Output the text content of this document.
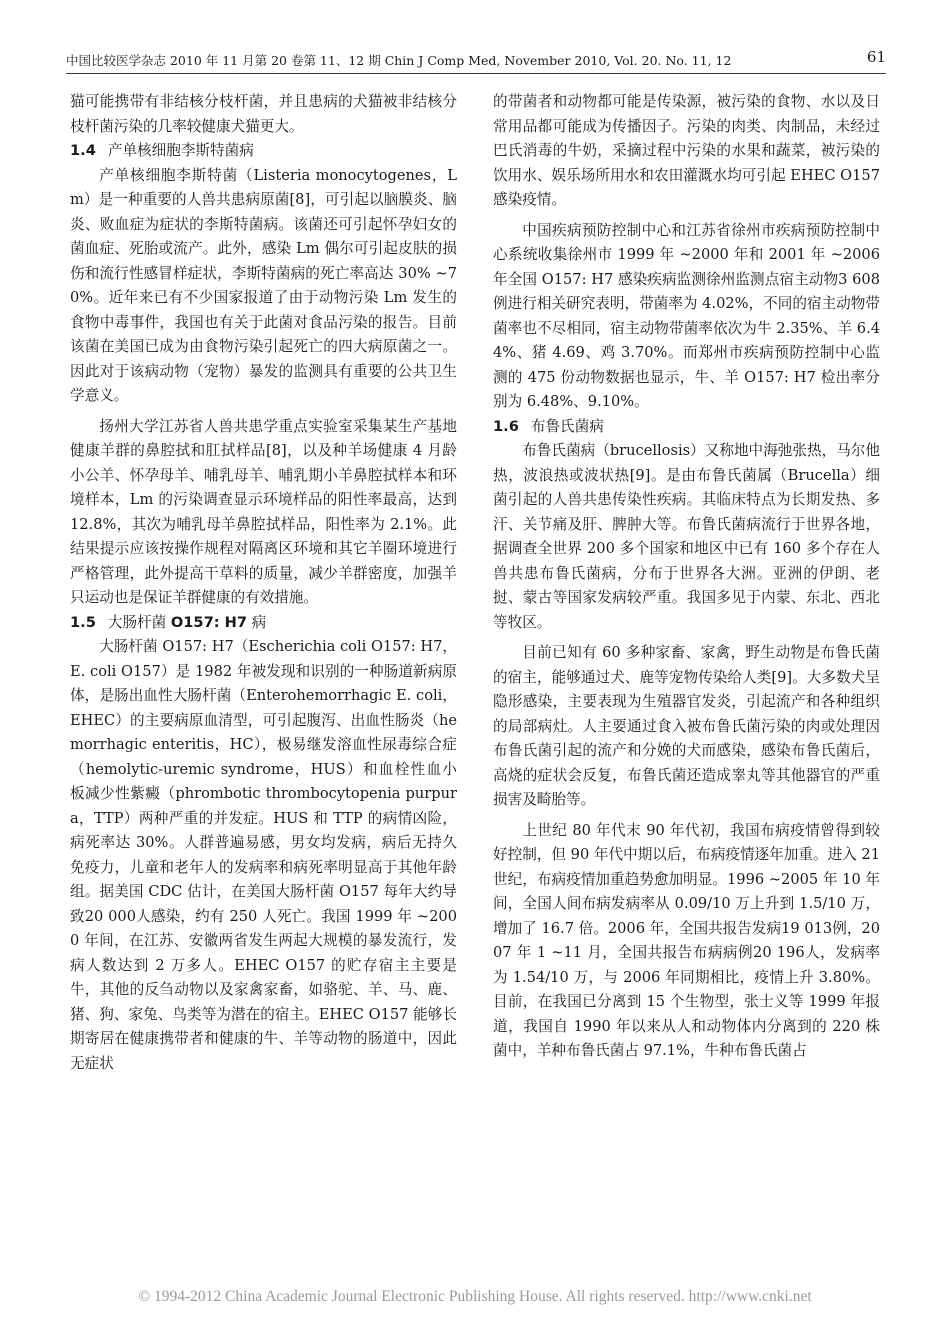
中国比较医学杂志 2010 年 11 月第 20 卷第 11、12 期 Chin J Comp Med, November 2010, Vol. 20. No. 11, 12	61

猫可能携带有非结核分枝杆菌，并且患病的犬猫被非结核分枝杆菌污染的几率较健康犬猫更大。

1.4 产单核细胞李斯特菌病

产单核细胞李斯特菌（Listeria monocytogenes，Lm）是一种重要的人兽共患病原菌[8]，可引起以脑膜炎、脑炎、败血症为症状的李斯特菌病。该菌还可引起怀孕妇女的菌血症、死胎或流产。此外，感染 Lm 偶尔可引起皮肤的损伤和流行性感冒样症状，李斯特菌病的死亡率高达 30% ~70%。近年来已有不少国家报道了由于动物污染 Lm 发生的食物中毒事件，我国也有关于此菌对食品污染的报告。目前该菌在美国已成为由食物污染引起死亡的四大病原菌之一。因此对于该病动物（宠物）暴发的监测具有重要的公共卫生学意义。

扬州大学江苏省人兽共患学重点实验室采集某生产基地健康羊群的鼻腔拭和肛拭样品[8]，以及种羊场健康 4 月龄小公羊、怀孕母羊、哺乳母羊、哺乳期小羊鼻腔拭样本和环境样本，Lm 的污染调查显示环境样品的阳性率最高，达到 12.8%，其次为哺乳母羊鼻腔拭样品，阳性率为 2.1%。此结果提示应该按操作规程对隔离区环境和其它羊圈环境进行严格管理，此外提高干草料的质量，减少羊群密度，加强羊只运动也是保证羊群健康的有效措施。

1.5 大肠杆菌 O157: H7 病

大肠杆菌 O157: H7（Escherichia coli O157: H7，E. coli O157）是 1982 年被发现和识别的一种肠道新病原体，是肠出血性大肠杆菌（Enterohemorrhagic E. coli，EHEC）的主要病原血清型，可引起腹泻、出血性肠炎（hemorrhagic enteritis，HC），极易继发溶血性尿毒综合症（hemolytic-uremic syndrome，HUS）和血栓性血小板减少性紫癜（phrombotic thrombocytopenia purpura，TTP）两种严重的并发症。HUS 和 TTP 的病情凶险，病死率达 30%。人群普遍易感，男女均发病，病后无持久免疫力，儿童和老年人的发病率和病死率明显高于其他年龄组。据美国 CDC 估计，在美国大肠杆菌 O157 每年大约导致20 000人感染，约有 250 人死亡。我国 1999 年 ~2000 年间，在江苏、安徽两省发生两起大规模的暴发流行，发病人数达到 2 万多人。EHEC O157 的贮存宿主主要是牛，其他的反刍动物以及家禽家畜，如骆驼、羊、马、鹿、猪、狗、家兔、鸟类等为潜在的宿主。EHEC O157 能够长期寄居在健康携带者和健康的牛、羊等动物的肠道中，因此无症状

的带菌者和动物都可能是传染源，被污染的食物、水以及日常用品都可能成为传播因子。污染的肉类、肉制品，未经过巴氏消毒的牛奶，采摘过程中污染的水果和蔬菜，被污染的饮用水、娱乐场所用水和农田灌溉水均可引起 EHEC O157 感染疫情。

中国疾病预防控制中心和江苏省徐州市疾病预防控制中心系统收集徐州市 1999 年 ~2000 年和 2001 年 ~2006 年全国 O157: H7 感染疾病监测徐州监测点宿主动物3 608例进行相关研究表明，带菌率为 4.02%，不同的宿主动物带菌率也不尽相同，宿主动物带菌率依次为牛 2.35%、羊 6.44%、猪 4.69、鸡 3.70%。而郑州市疾病预防控制中心监测的 475 份动物数据也显示，牛、羊 O157: H7 检出率分别为 6.48%、9.10%。

1.6 布鲁氏菌病

布鲁氏菌病（brucellosis）又称地中海弛张热，马尔他热，波浪热或波状热[9]。是由布鲁氏菌属（Brucella）细菌引起的人兽共患传染性疾病。其临床特点为长期发热、多汗、关节痛及肝、脾肿大等。布鲁氏菌病流行于世界各地，据调查全世界 200 多个国家和地区中已有 160 多个存在人兽共患布鲁氏菌病，分布于世界各大洲。亚洲的伊朗、老挝、蒙古等国家发病较严重。我国多见于内蒙、东北、西北等牧区。

目前已知有 60 多种家畜、家禽，野生动物是布鲁氏菌的宿主，能够通过犬、鹿等宠物传染给人类[9]。大多数犬呈隐形感染，主要表现为生殖器官发炎，引起流产和各种组织的局部病灶。人主要通过食入被布鲁氏菌污染的肉或处理因布鲁氏菌引起的流产和分娩的犬而感染，感染布鲁氏菌后，高烧的症状会反复，布鲁氏菌还造成睾丸等其他器官的严重损害及畸胎等。

上世纪 80 年代末 90 年代初，我国布病疫情曾得到较好控制，但 90 年代中期以后，布病疫情逐年加重。进入 21 世纪，布病疫情加重趋势愈加明显。1996 ~2005 年 10 年间，全国人间布病发病率从 0.09/10 万上升到 1.5/10 万，增加了 16.7 倍。2006 年，全国共报告发病19 013例，2007 年 1 ~11 月，全国共报告布病病例20 196人，发病率为 1.54/10 万，与 2006 年同期相比，疫情上升 3.80%。目前，在我国已分离到 15 个生物型，张士义等 1999 年报道，我国自 1990 年以来从人和动物体内分离到的 220 株菌中，羊种布鲁氏菌占 97.1%，牛种布鲁氏菌占

© 1994-2012 China Academic Journal Electronic Publishing House. All rights reserved. http://www.cnki.net
